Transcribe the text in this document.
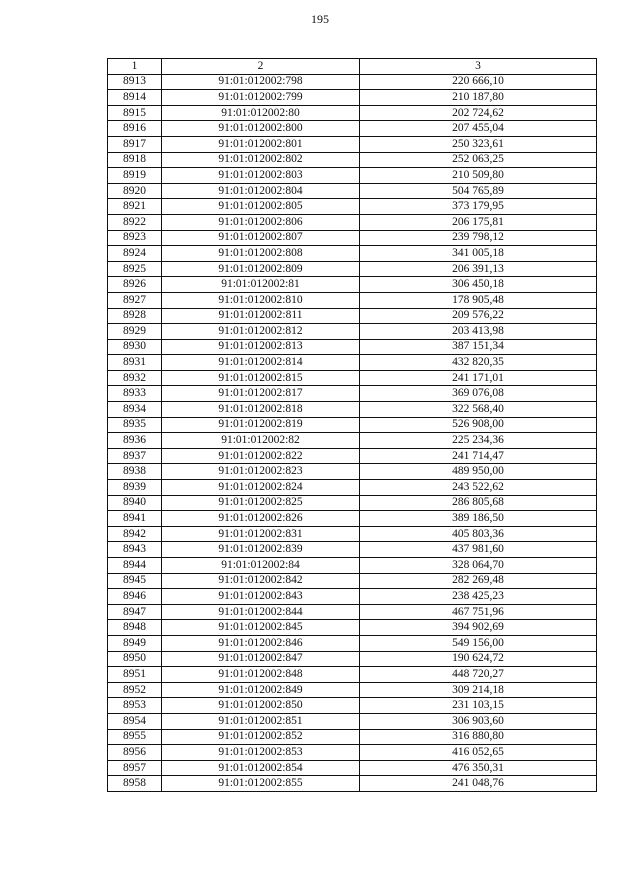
195
1	2	3
8913	91:01:012002:798	220 666,10
8914	91:01:012002:799	210 187,80
8915	91:01:012002:80	202 724,62
8916	91:01:012002:800	207 455,04
8917	91:01:012002:801	250 323,61
8918	91:01:012002:802	252 063,25
8919	91:01:012002:803	210 509,80
8920	91:01:012002:804	504 765,89
8921	91:01:012002:805	373 179,95
8922	91:01:012002:806	206 175,81
8923	91:01:012002:807	239 798,12
8924	91:01:012002:808	341 005,18
8925	91:01:012002:809	206 391,13
8926	91:01:012002:81	306 450,18
8927	91:01:012002:810	178 905,48
8928	91:01:012002:811	209 576,22
8929	91:01:012002:812	203 413,98
8930	91:01:012002:813	387 151,34
8931	91:01:012002:814	432 820,35
8932	91:01:012002:815	241 171,01
8933	91:01:012002:817	369 076,08
8934	91:01:012002:818	322 568,40
8935	91:01:012002:819	526 908,00
8936	91:01:012002:82	225 234,36
8937	91:01:012002:822	241 714,47
8938	91:01:012002:823	489 950,00
8939	91:01:012002:824	243 522,62
8940	91:01:012002:825	286 805,68
8941	91:01:012002:826	389 186,50
8942	91:01:012002:831	405 803,36
8943	91:01:012002:839	437 981,60
8944	91:01:012002:84	328 064,70
8945	91:01:012002:842	282 269,48
8946	91:01:012002:843	238 425,23
8947	91:01:012002:844	467 751,96
8948	91:01:012002:845	394 902,69
8949	91:01:012002:846	549 156,00
8950	91:01:012002:847	190 624,72
8951	91:01:012002:848	448 720,27
8952	91:01:012002:849	309 214,18
8953	91:01:012002:850	231 103,15
8954	91:01:012002:851	306 903,60
8955	91:01:012002:852	316 880,80
8956	91:01:012002:853	416 052,65
8957	91:01:012002:854	476 350,31
8958	91:01:012002:855	241 048,76
